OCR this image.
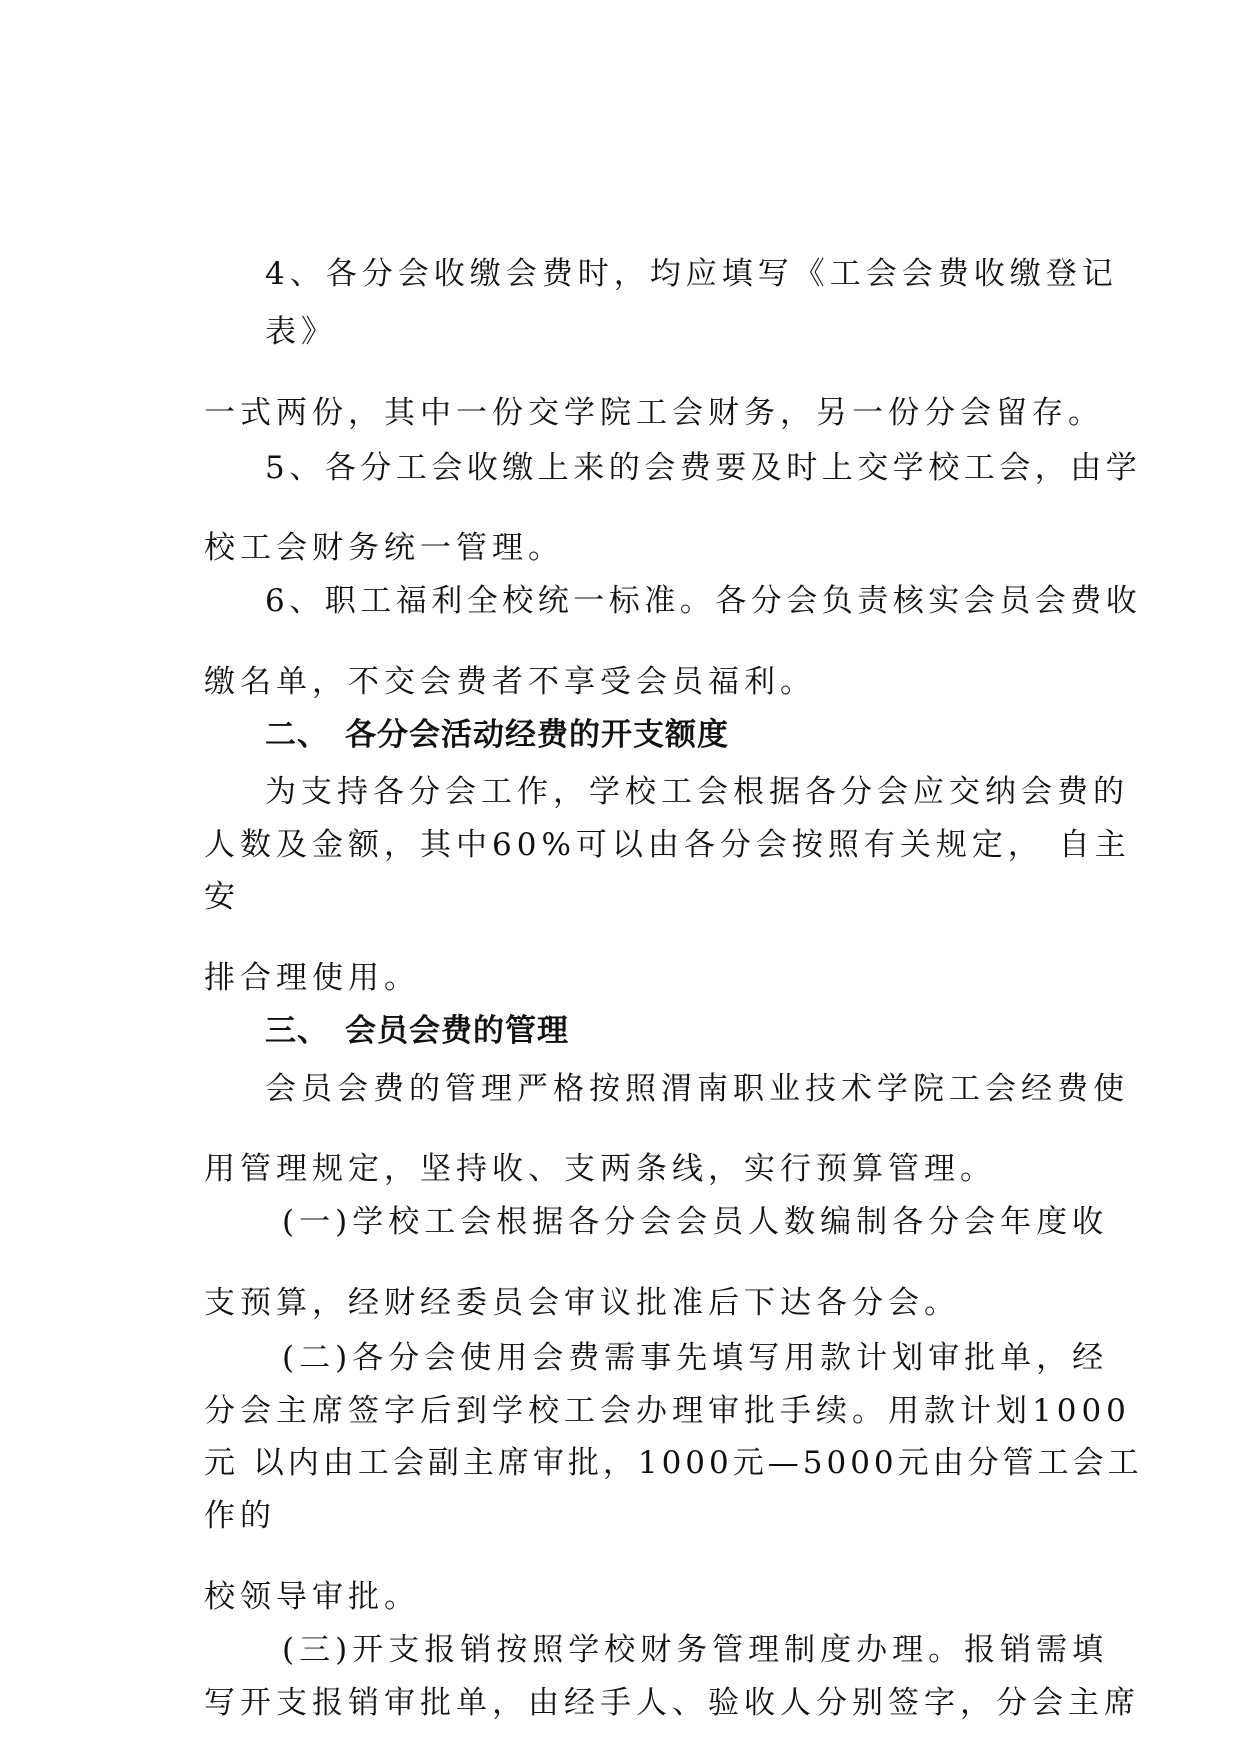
4、各分会收缴会费时，均应填写《工会会费收缴登记
表》
一式两份，其中一份交学院工会财务，另一份分会留存。
5、各分工会收缴上来的会费要及时上交学校工会，由学
校工会财务统一管理。
6、职工福利全校统一标准。各分会负责核实会员会费收
缴名单，不交会费者不享受会员福利。
二、 各分会活动经费的开支额度
为支持各分会工作，学校工会根据各分会应交纳会费的
人数及金额，其中60%可以由各分会按照有关规定， 自主
安
排合理使用。
三、 会员会费的管理
会员会费的管理严格按照渭南职业技术学院工会经费使
用管理规定，坚持收、支两条线，实行预算管理。
(一)学校工会根据各分会会员人数编制各分会年度收
支预算，经财经委员会审议批准后下达各分会。
(二)各分会使用会费需事先填写用款计划审批单，经
分会主席签字后到学校工会办理审批手续。用款计划1000
元 以内由工会副主席审批，1000元—5000元由分管工会工
作的
校领导审批。
(三)开支报销按照学校财务管理制度办理。报销需填
写开支报销审批单，由经手人、验收人分别签字，分会主席
